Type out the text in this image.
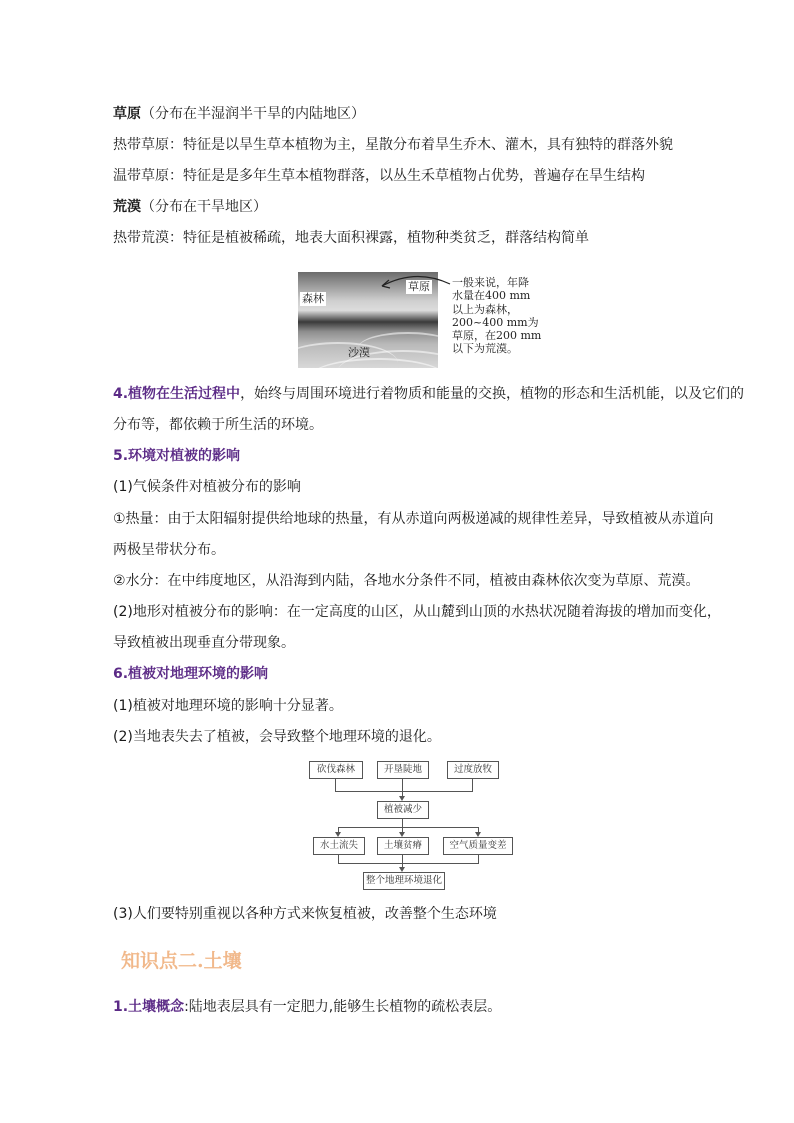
草原（分布在半湿润半干旱的内陆地区）
热带草原：特征是以旱生草本植物为主，星散分布着旱生乔木、灌木，具有独特的群落外貌
温带草原：特征是是多年生草本植物群落，以丛生禾草植物占优势，普遍存在旱生结构
荒漠（分布在干旱地区）
热带荒漠：特征是植被稀疏，地表大面积裸露，植物种类贫乏，群落结构简单
沙漠
森林
草原 一般来说，年降
水量在400 mm
以上为森林，
200~400 mm为
草原，在200 mm
以下为荒漠。
4.植物在生活过程中，始终与周围环境进行着物质和能量的交换，植物的形态和生活机能，以及它们的
分布等，都依赖于所生活的环境。
5.环境对植被的影响
(1)气候条件对植被分布的影响
①热量：由于太阳辐射提供给地球的热量，有从赤道向两极递减的规律性差异，导致植被从赤道向
两极呈带状分布。
②水分：在中纬度地区，从沿海到内陆，各地水分条件不同，植被由森林依次变为草原、荒漠。
(2)地形对植被分布的影响：在一定高度的山区，从山麓到山顶的水热状况随着海拔的增加而变化，
导致植被出现垂直分带现象。
6.植被对地理环境的影响
(1)植被对地理环境的影响十分显著。
(2)当地表失去了植被，会导致整个地理环境的退化。
砍伐森林	开垦陡地	过度放牧
植被减少
水土流失	土壤贫瘠	空气质量变差
整个地理环境退化
(3)人们要特别重视以各种方式来恢复植被，改善整个生态环境
知识点二.土壤
1.土壤概念:陆地表层具有一定肥力,能够生长植物的疏松表层。
